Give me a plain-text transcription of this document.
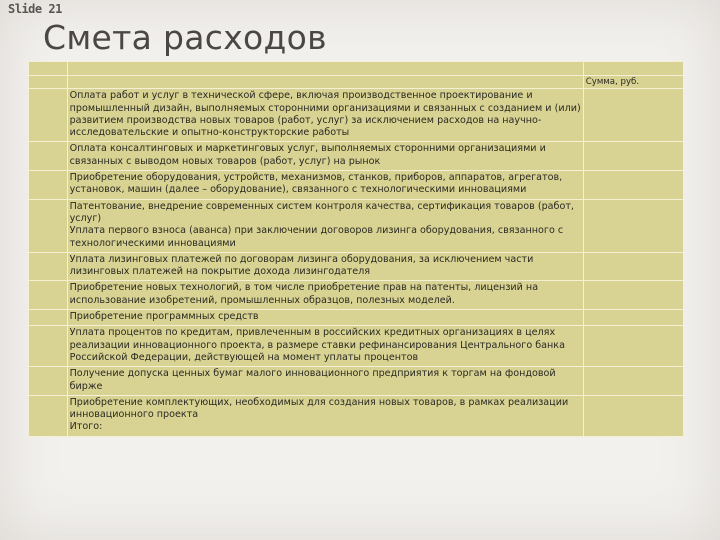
Slide 21
Смета расходов

		Сумма, руб.
	Оплата работ и услуг в технической сфере, включая производственное проектирование и промышленный дизайн, выполняемых сторонними организациями и связанных с созданием и (или) развитием производства новых товаров (работ, услуг) за исключением расходов на научно-исследовательские и опытно-конструкторские работы	
	Оплата консалтинговых и маркетинговых услуг, выполняемых сторонними организациями и связанных с выводом новых товаров (работ, услуг) на рынок	
	Приобретение оборудования, устройств, механизмов, станков, приборов, аппаратов, агрегатов, установок, машин (далее – оборудование), связанного с технологическими инновациями	
	Патентование, внедрение современных систем контроля качества, сертификация товаров (работ, услуг)
Уплата первого взноса (аванса) при заключении договоров лизинга оборудования, связанного с технологическими инновациями	
	Уплата лизинговых платежей по договорам лизинга оборудования, за исключением части лизинговых платежей на покрытие дохода лизингодателя	
	Приобретение новых технологий, в том числе приобретение прав на патенты, лицензий на использование изобретений, промышленных образцов, полезных моделей.	
	Приобретение программных средств	
	Уплата процентов по кредитам, привлеченным в российских кредитных организациях в целях реализации инновационного проекта, в размере ставки рефинансирования Центрального банка Российской Федерации, действующей на момент уплаты процентов	
	Получение допуска ценных бумаг малого инновационного предприятия к торгам на фондовой бирже	
	Приобретение комплектующих, необходимых для создания новых товаров, в рамках реализации инновационного проекта
Итого:	
